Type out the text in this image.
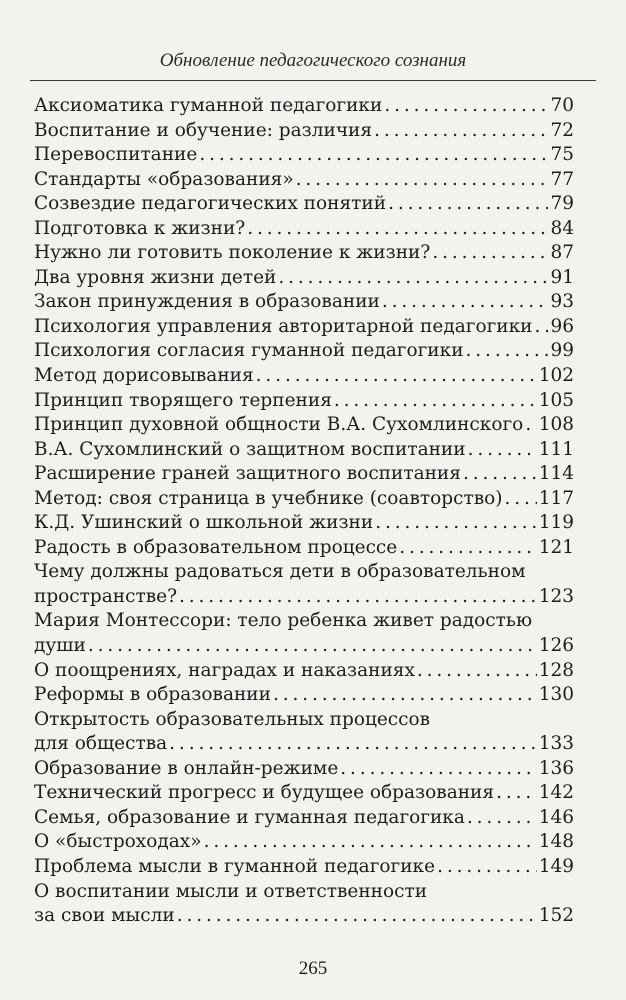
Обновление педагогического сознания
Аксиоматика гуманной педагогики . . .	70
Воспитание и обучение: различия . . .	72
Перевоспитание . . .	75
Стандарты «образования» . . .	77
Созвездие педагогических понятий . . .	79
Подготовка к жизни? . . .	84
Нужно ли готовить поколение к жизни? . . .	87
Два уровня жизни детей . . .	91
Закон принуждения в образовании . . .	93
Психология управления авторитарной педагогики . . . 96
Психология согласия гуманной педагогики . . .	99
Метод дорисовывания . . .	102
Принцип творящего терпения . . .	105
Принцип духовной общности В.А. Сухомлинского . . . 108
В.А. Сухомлинский о защитном воспитании . . .	111
Расширение граней защитного воспитания . . .	114
Метод: своя страница в учебнике (соавторство) . . . 117
К.Д. Ушинский о школьной жизни . . .	119
Радость в образовательном процессе . . .	121
Чему должны радоваться дети в образовательном
пространстве? . . .	123
Мария Монтессори: тело ребенка живет радостью
души . . .	126
О поощрениях, наградах и наказаниях . . .	128
Реформы в образовании . . .	130
Открытость образовательных процессов
для общества . . .	133
Образование в онлайн-режиме . . .	136
Технический прогресс и будущее образования . . . 142
Семья, образование и гуманная педагогика . . .	146
О «быстроходах» . . .	148
Проблема мысли в гуманной педагогике . . .	149
О воспитании мысли и ответственности
за свои мысли . . .	152
265
